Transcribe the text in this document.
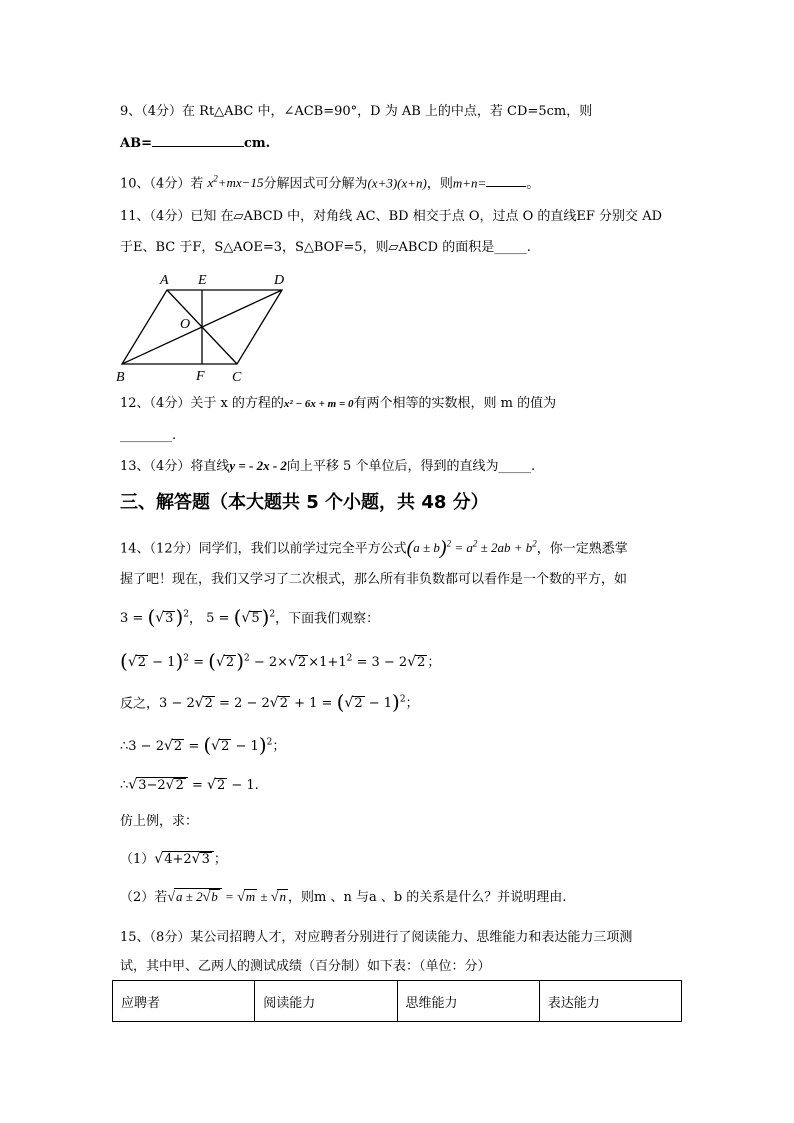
9、（4分）在 Rt△ABC 中，∠ACB=90°，D 为 AB 上的中点，若 CD=5cm，则
AB=	cm.
10、（4分）若 $x^2+mx-15$分解因式可分解为(x+3)(x+n)，则m+n=	。
11、（4分）已知 在▱ABCD 中，对角线 AC、BD 相交于点 O，过点 O 的直线EF 分别交 AD
于E、BC 于F，S△AOE=3，S△BOF=5，则▱ABCD 的面积是_____.
A E	D
O
B	F C
12、（4分）关于 x 的方程的x² − 6x + m = 0有两个相等的实数根，则 m 的值为
________.
13、（4分）将直线y = - 2x - 2向上平移 5 个单位后，得到的直线为_____.
三、解答题（本大题共 5 个小题，共 48 分）
14、（12分）同学们，我们以前学过完全平方公式$(a \pm b)^2 = a^2 \pm 2ab + b^2$，你一定熟悉掌
握了吧！现在，我们又学习了二次根式，那么所有非负数都可以看作是一个数的平方，如
3 = (√3 )$^2$， 5 = (√5 )$^2$，下面我们观察：
$(√2 - 1)^2 = (√2$ )$^2 - 2\times√2 \times 1+1^2 = 3 - 2√2$ ；
反之，$3 - 2√2 = 2 - 2√2 + 1 = (√2 - 1)^2$；
∴3 − $2√2 = (√2 - 1)^2$；
∴√3−2√2 = √2 − 1.
仿上例，求：
（1）√4+2√3 ；
（2）若√a ± 2√b = √m ± √n ，则m 、n 与a 、b 的关系是什么？并说明理由.
15、（8分）某公司招聘人才，对应聘者分别进行了阅读能力、思维能力和表达能力三项测
试，其中甲、乙两人的测试成绩（百分制）如下表：（单位：分）
应聘者	阅读能力	思维能力	表达能力
